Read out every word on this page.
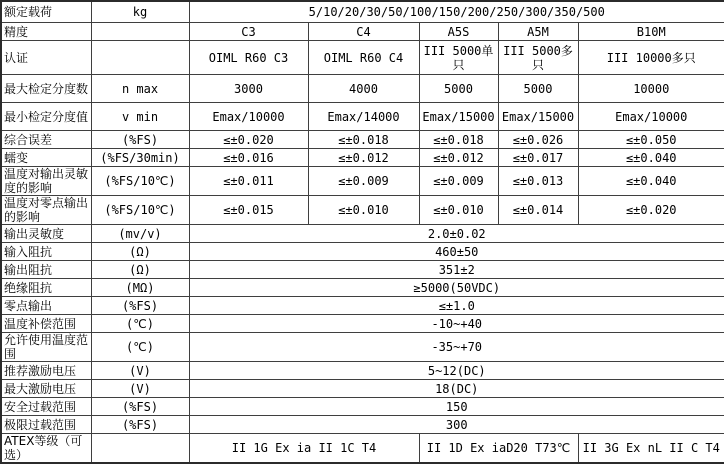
额定载荷	kg	5/10/20/30/50/100/150/200/250/300/350/500				
精度		C3	C4	A5S	A5M	B10M
认证		OIML R60 C3	OIML R60 C4	III 5000单只	III 5000多只	III 10000多只
最大检定分度数	n max	3000	4000	5000	5000	10000
最小检定分度值	v min	Emax/10000	Emax/14000	Emax/15000	Emax/15000	Emax/10000
综合误差	(%FS)	≤±0.020	≤±0.018	≤±0.018	≤±0.026	≤±0.050
蠕变	(%FS/30min)	≤±0.016	≤±0.012	≤±0.012	≤±0.017	≤±0.040
温度对输出灵敏度的影响	(%FS/10℃)	≤±0.011	≤±0.009	≤±0.009	≤±0.013	≤±0.040
温度对零点输出的影响	(%FS/10℃)	≤±0.015	≤±0.010	≤±0.010	≤±0.014	≤±0.020
输出灵敏度	(mv/v)	2.0±0.02				
输入阻抗	(Ω)	460±50				
输出阻抗	(Ω)	351±2				
绝缘阻抗	(MΩ)	≥5000(50VDC)				
零点输出	(%FS)	≤±1.0				
温度补偿范围	(℃)	-10~+40				
允许使用温度范围	(℃)	-35~+70				
推荐激励电压	(V)	5~12(DC)				
最大激励电压	(V)	18(DC)				
安全过载范围	(%FS)	150				
极限过载范围	(%FS)	300				
ATEX等级（可选）		II 1G Ex ia II 1C T4		II 1D Ex iaD20 T73℃		II 3G Ex nL II C T4
